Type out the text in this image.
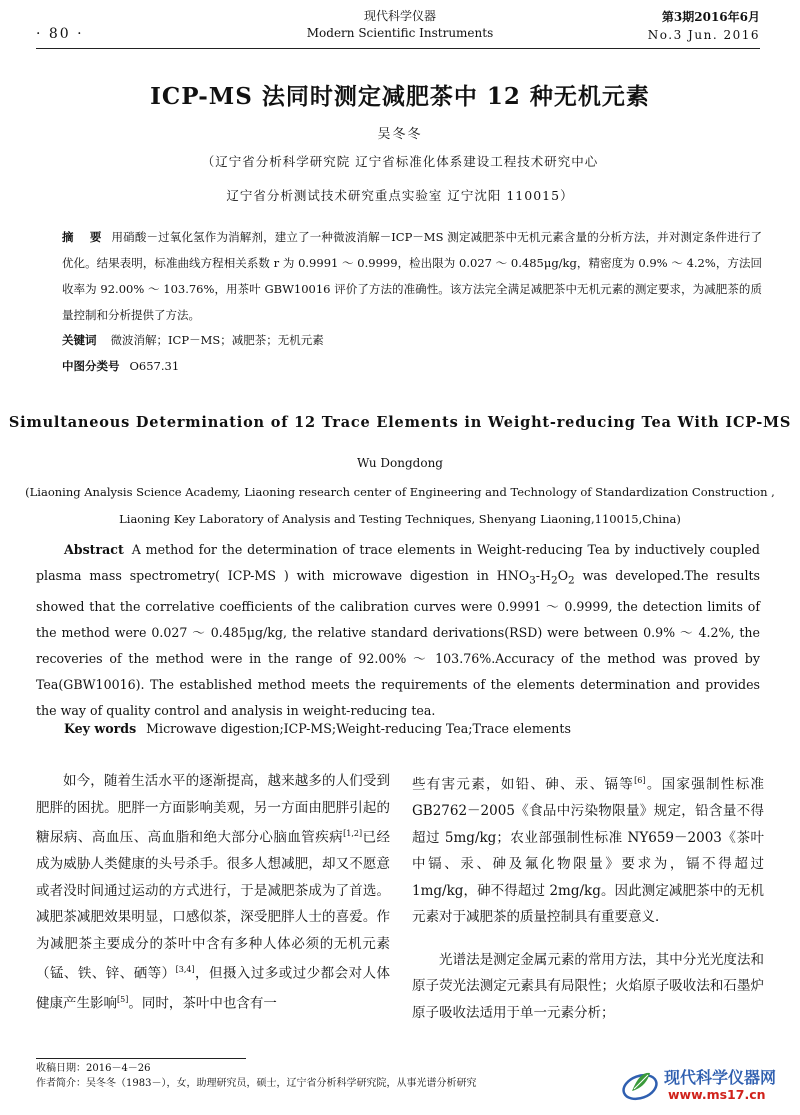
· 80 ·
现代科学仪器
Modern Scientific Instruments
第3期2016年6月
No.3 Jun. 2016
ICP-MS 法同时测定减肥茶中 12 种无机元素
吴冬冬
（辽宁省分析科学研究院 辽宁省标准化体系建设工程技术研究中心
辽宁省分析测试技术研究重点实验室 辽宁沈阳 110015）
摘 要 用硝酸－过氧化氢作为消解剂，建立了一种微波消解－ICP－MS 测定减肥茶中无机元素含量的分析方法，并对测定条件进行了优化。结果表明，标准曲线方程相关系数 r 为 0.9991 ～ 0.9999，检出限为 0.027 ～ 0.485μg/kg，精密度为 0.9% ～ 4.2%，方法回收率为 92.00% ～ 103.76%，用茶叶 GBW10016 评价了方法的准确性。该方法完全满足减肥茶中无机元素的测定要求，为减肥茶的质量控制和分析提供了方法。
关键词 微波消解；ICP－MS；减肥茶；无机元素
中图分类号 O657.31
Simultaneous Determination of 12 Trace Elements in Weight-reducing Tea With ICP-MS
Wu Dongdong
(Liaoning Analysis Science Academy, Liaoning research center of Engineering and Technology of Standardization Construction ,
Liaoning Key Laboratory of Analysis and Testing Techniques, Shenyang Liaoning,110015,China)
Abstract A method for the determination of trace elements in Weight-reducing Tea by inductively coupled plasma mass spectrometry( ICP-MS ) with microwave digestion in $HNO_3-H_2O_2$ was developed.The results showed that the correlative coefficients of the calibration curves were 0.9991 ～ 0.9999, the detection limits of the method were 0.027 ～ 0.485μg/kg, the relative standard derivations(RSD) were between 0.9% ～ 4.2%, the recoveries of the method were in the range of 92.00% ～ 103.76%.Accuracy of the method was proved by Tea(GBW10016). The established method meets the requirements of the elements determination and provides the way of quality control and analysis in weight-reducing tea.
Key words Microwave digestion;ICP-MS;Weight-reducing Tea;Trace elements

如今，随着生活水平的逐渐提高，越来越多的人们受到肥胖的困扰。肥胖一方面影响美观，另一方面由肥胖引起的糖尿病、高血压、高血脂和绝大部分心脑血管疾病[1,2]已经成为威胁人类健康的头号杀手。很多人想减肥，却又不愿意或者没时间通过运动的方式进行，于是减肥茶成为了首选。减肥茶减肥效果明显，口感似茶，深受肥胖人士的喜爱。作为减肥茶主要成分的茶叶中含有多种人体必须的无机元素（锰、铁、锌、硒等）[3,4]，但摄入过多或过少都会对人体健康产生影响[5]。同时，茶叶中也含有一

些有害元素，如铅、砷、汞、镉等[6]。国家强制性标准 GB2762－2005《食品中污染物限量》规定，铅含量不得超过 5mg/kg；农业部强制性标准 NY659－2003《茶叶中镉、汞、砷及氟化物限量》要求为，镉不得超过 1mg/kg，砷不得超过 2mg/kg。因此测定减肥茶中的无机元素对于减肥茶的质量控制具有重要意义．

光谱法是测定金属元素的常用方法，其中分光光度法和原子荧光法测定元素具有局限性；火焰原子吸收法和石墨炉原子吸收法适用于单一元素分析；

收稿日期：2016－4－26
作者简介：吴冬冬（1983－），女，助理研究员，硕士，辽宁省分析科学研究院，从事光谱分析研究	现代科学仪器网
www.ms17.cn
